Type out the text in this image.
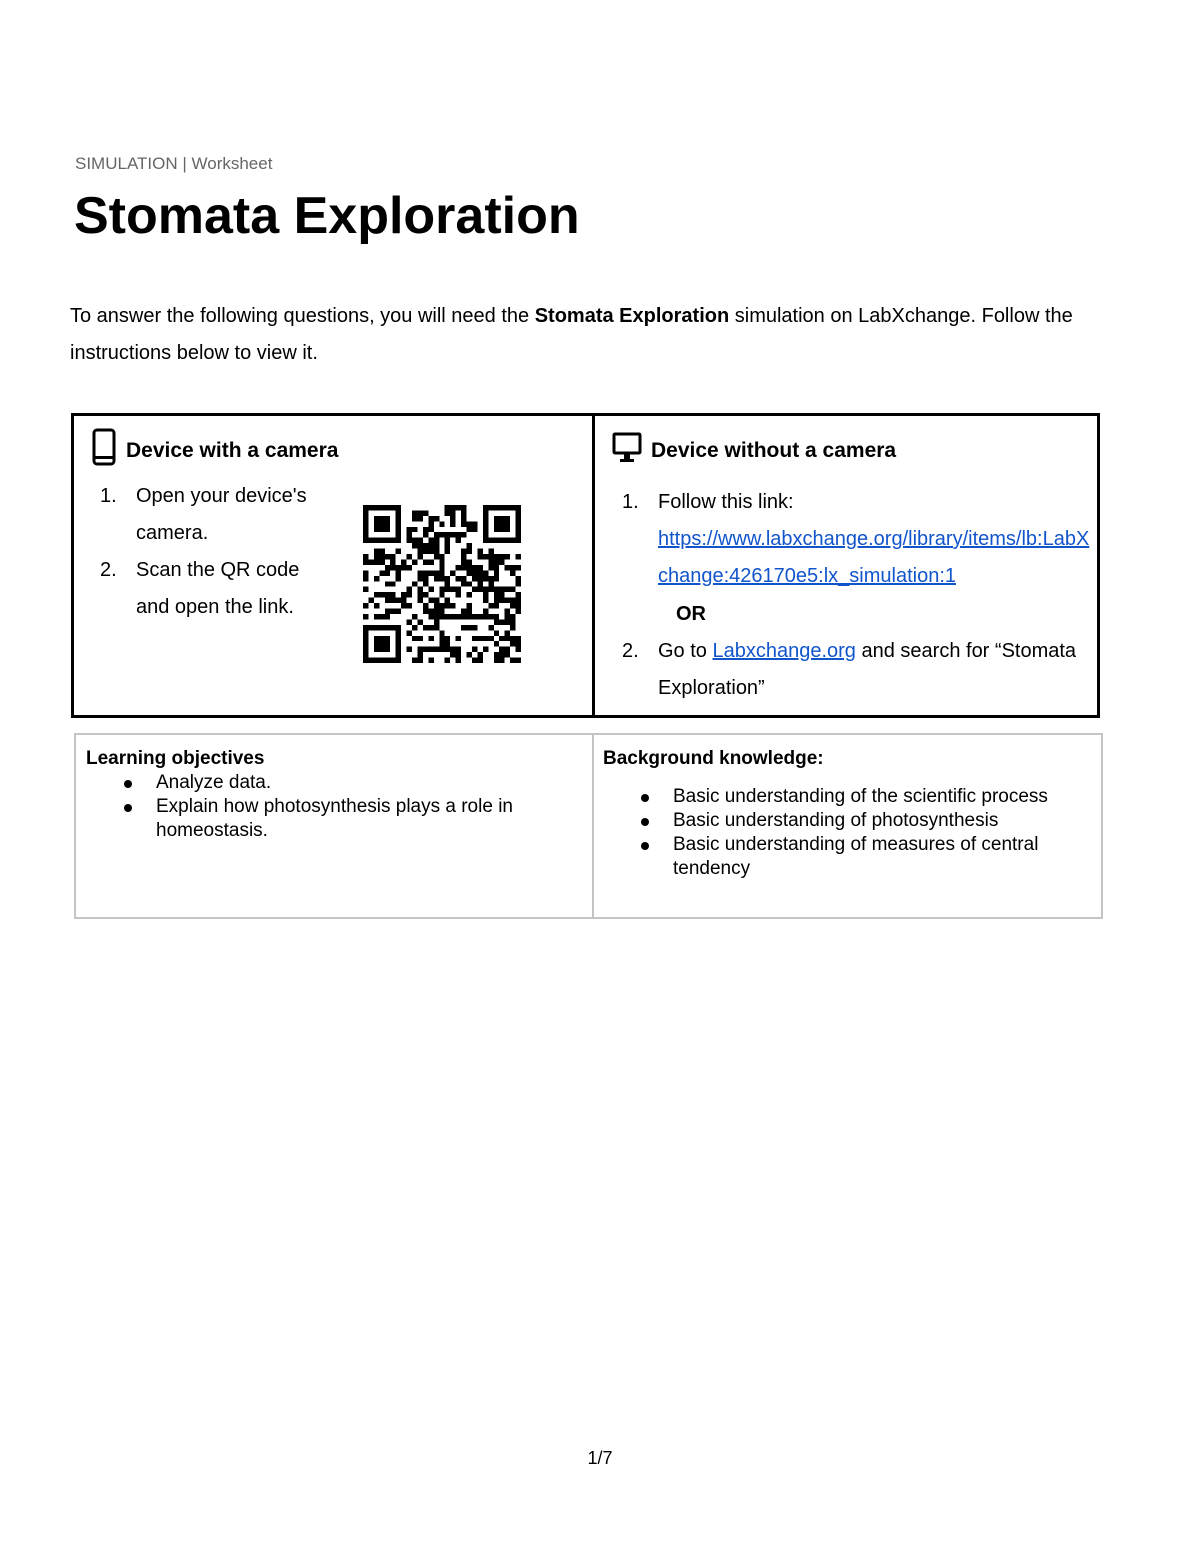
SIMULATION | Worksheet
Stomata Exploration

To answer the following questions, you will need the Stomata Exploration simulation on LabXchange. Follow the instructions below to view it.

Device with a camera
1. Open your device's camera.
2. Scan the QR code and open the link.
Device without a camera
1. Follow this link:
https://www.labxchange.org/library/items/lb:LabXchange:426170e5:lx_simulation:1
OR
2. Go to Labxchange.org and search for “Stomata Exploration”

Learning objectives

Analyze data.
Explain how photosynthesis plays a role in homeostasis.

Background knowledge:

Basic understanding of the scientific process
Basic understanding of photosynthesis
Basic understanding of measures of central tendency
1/7
